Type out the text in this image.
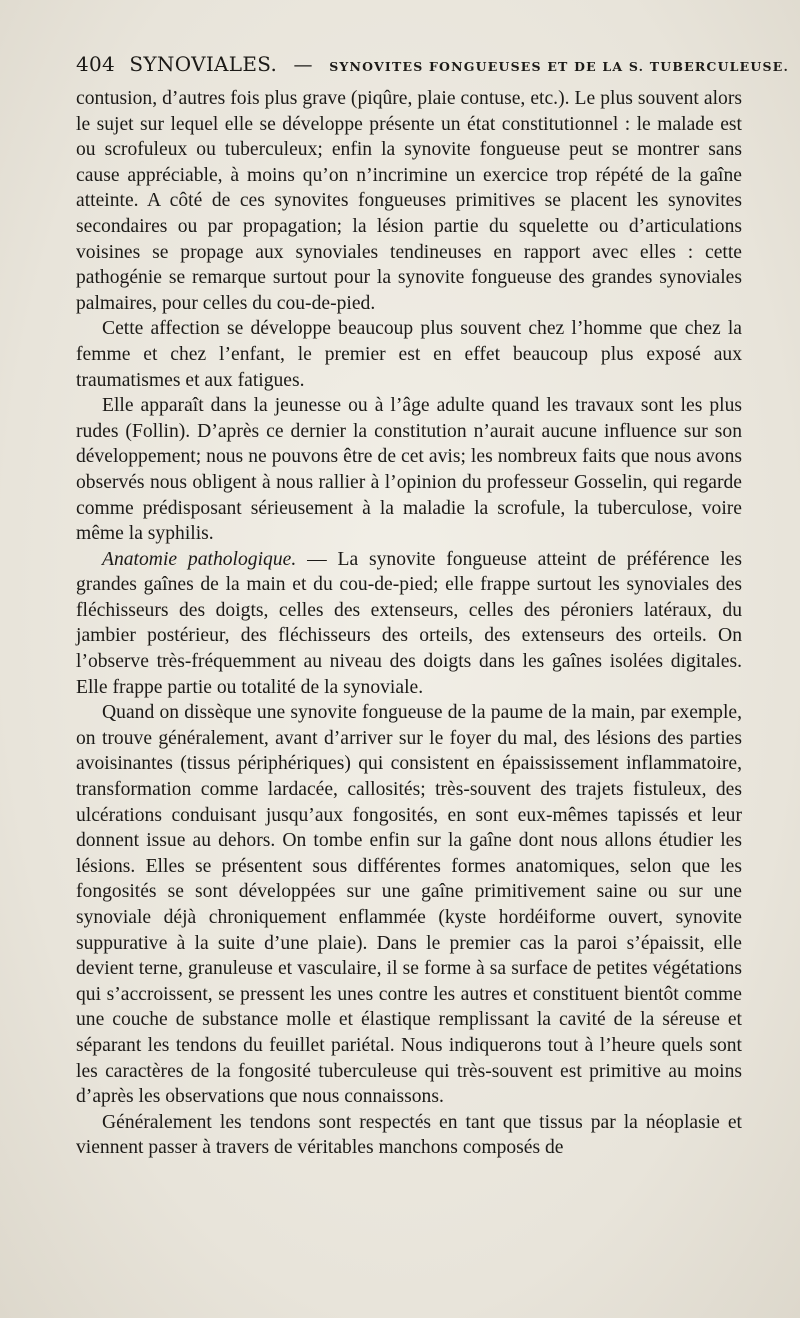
404 SYNOVIALES. — SYNOVITES FONGUEUSES ET DE LA S. TUBERCULEUSE.

contusion, d’autres fois plus grave (piqûre, plaie contuse, etc.). Le plus souvent alors le sujet sur lequel elle se développe présente un état constitutionnel : le malade est ou scrofuleux ou tuberculeux; enfin la synovite fongueuse peut se montrer sans cause appréciable, à moins qu’on n’incrimine un exercice trop répété de la gaîne atteinte. A côté de ces synovites fongueuses primitives se placent les synovites secondaires ou par propagation; la lésion partie du squelette ou d’articulations voisines se propage aux synoviales tendineuses en rapport avec elles : cette pathogénie se remarque surtout pour la synovite fongueuse des grandes synoviales palmaires, pour celles du cou-de-pied.

Cette affection se développe beaucoup plus souvent chez l’homme que chez la femme et chez l’enfant, le premier est en effet beaucoup plus exposé aux traumatismes et aux fatigues.

Elle apparaît dans la jeunesse ou à l’âge adulte quand les travaux sont les plus rudes (Follin). D’après ce dernier la constitution n’aurait aucune influence sur son développement; nous ne pouvons être de cet avis; les nombreux faits que nous avons observés nous obligent à nous rallier à l’opinion du professeur Gosselin, qui regarde comme prédisposant sérieusement à la maladie la scrofule, la tuberculose, voire même la syphilis.

Anatomie pathologique. — La synovite fongueuse atteint de préférence les grandes gaînes de la main et du cou-de-pied; elle frappe surtout les synoviales des fléchisseurs des doigts, celles des extenseurs, celles des péroniers latéraux, du jambier postérieur, des fléchisseurs des orteils, des extenseurs des orteils. On l’observe très-fréquemment au niveau des doigts dans les gaînes isolées digitales. Elle frappe partie ou totalité de la synoviale.

Quand on dissèque une synovite fongueuse de la paume de la main, par exemple, on trouve généralement, avant d’arriver sur le foyer du mal, des lésions des parties avoisinantes (tissus périphériques) qui consistent en épaississement inflammatoire, transformation comme lardacée, callosités; très-souvent des trajets fistuleux, des ulcérations conduisant jusqu’aux fongosités, en sont eux-mêmes tapissés et leur donnent issue au dehors. On tombe enfin sur la gaîne dont nous allons étudier les lésions. Elles se présentent sous différentes formes anatomiques, selon que les fongosités se sont développées sur une gaîne primitivement saine ou sur une synoviale déjà chroniquement enflammée (kyste hordéiforme ouvert, synovite suppurative à la suite d’une plaie). Dans le premier cas la paroi s’épaissit, elle devient terne, granuleuse et vasculaire, il se forme à sa surface de petites végétations qui s’accroissent, se pressent les unes contre les autres et constituent bientôt comme une couche de substance molle et élastique remplissant la cavité de la séreuse et séparant les tendons du feuillet pariétal. Nous indiquerons tout à l’heure quels sont les caractères de la fongosité tuberculeuse qui très-souvent est primitive au moins d’après les observations que nous connaissons.

Généralement les tendons sont respectés en tant que tissus par la néoplasie et viennent passer à travers de véritables manchons composés de
